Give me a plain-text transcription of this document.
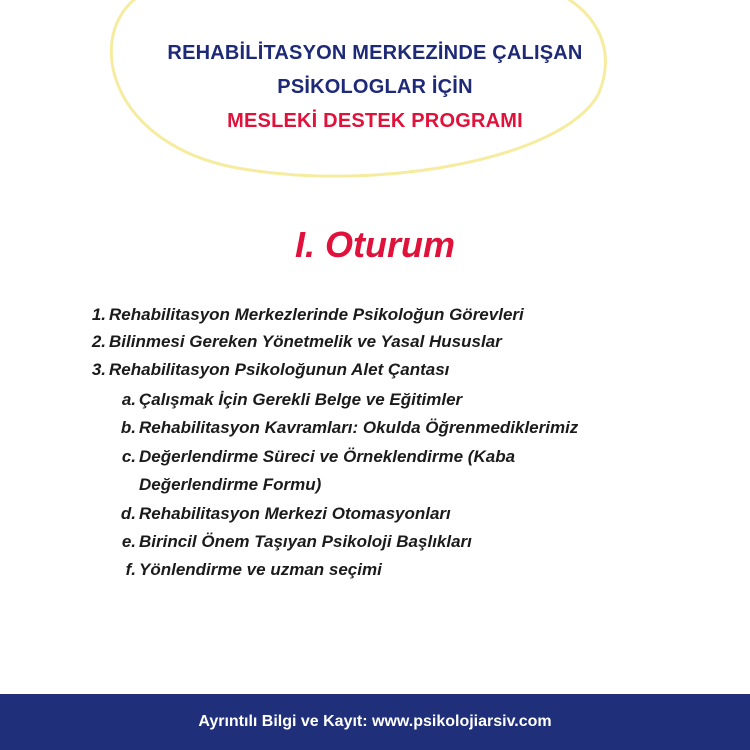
REHABİLİTASYON MERKEZİNDE ÇALIŞAN
PSİKOLOGLAR İÇİN
MESLEKİ DESTEK PROGRAMI
I. Oturum
1. Rehabilitasyon Merkezlerinde Psikoloğun Görevleri
2. Bilinmesi Gereken Yönetmelik ve Yasal Hususlar
3. Rehabilitasyon Psikoloğunun Alet Çantası
a. Çalışmak İçin Gerekli Belge ve Eğitimler
b. Rehabilitasyon Kavramları: Okulda Öğrenmediklerimiz
c. Değerlendirme Süreci ve Örneklendirme (Kaba
Değerlendirme Formu)
d. Rehabilitasyon Merkezi Otomasyonları
e. Birincil Önem Taşıyan Psikoloji Başlıkları
f. Yönlendirme ve uzman seçimi
Ayrıntılı Bilgi ve Kayıt: www.psikolojiarsiv.com
